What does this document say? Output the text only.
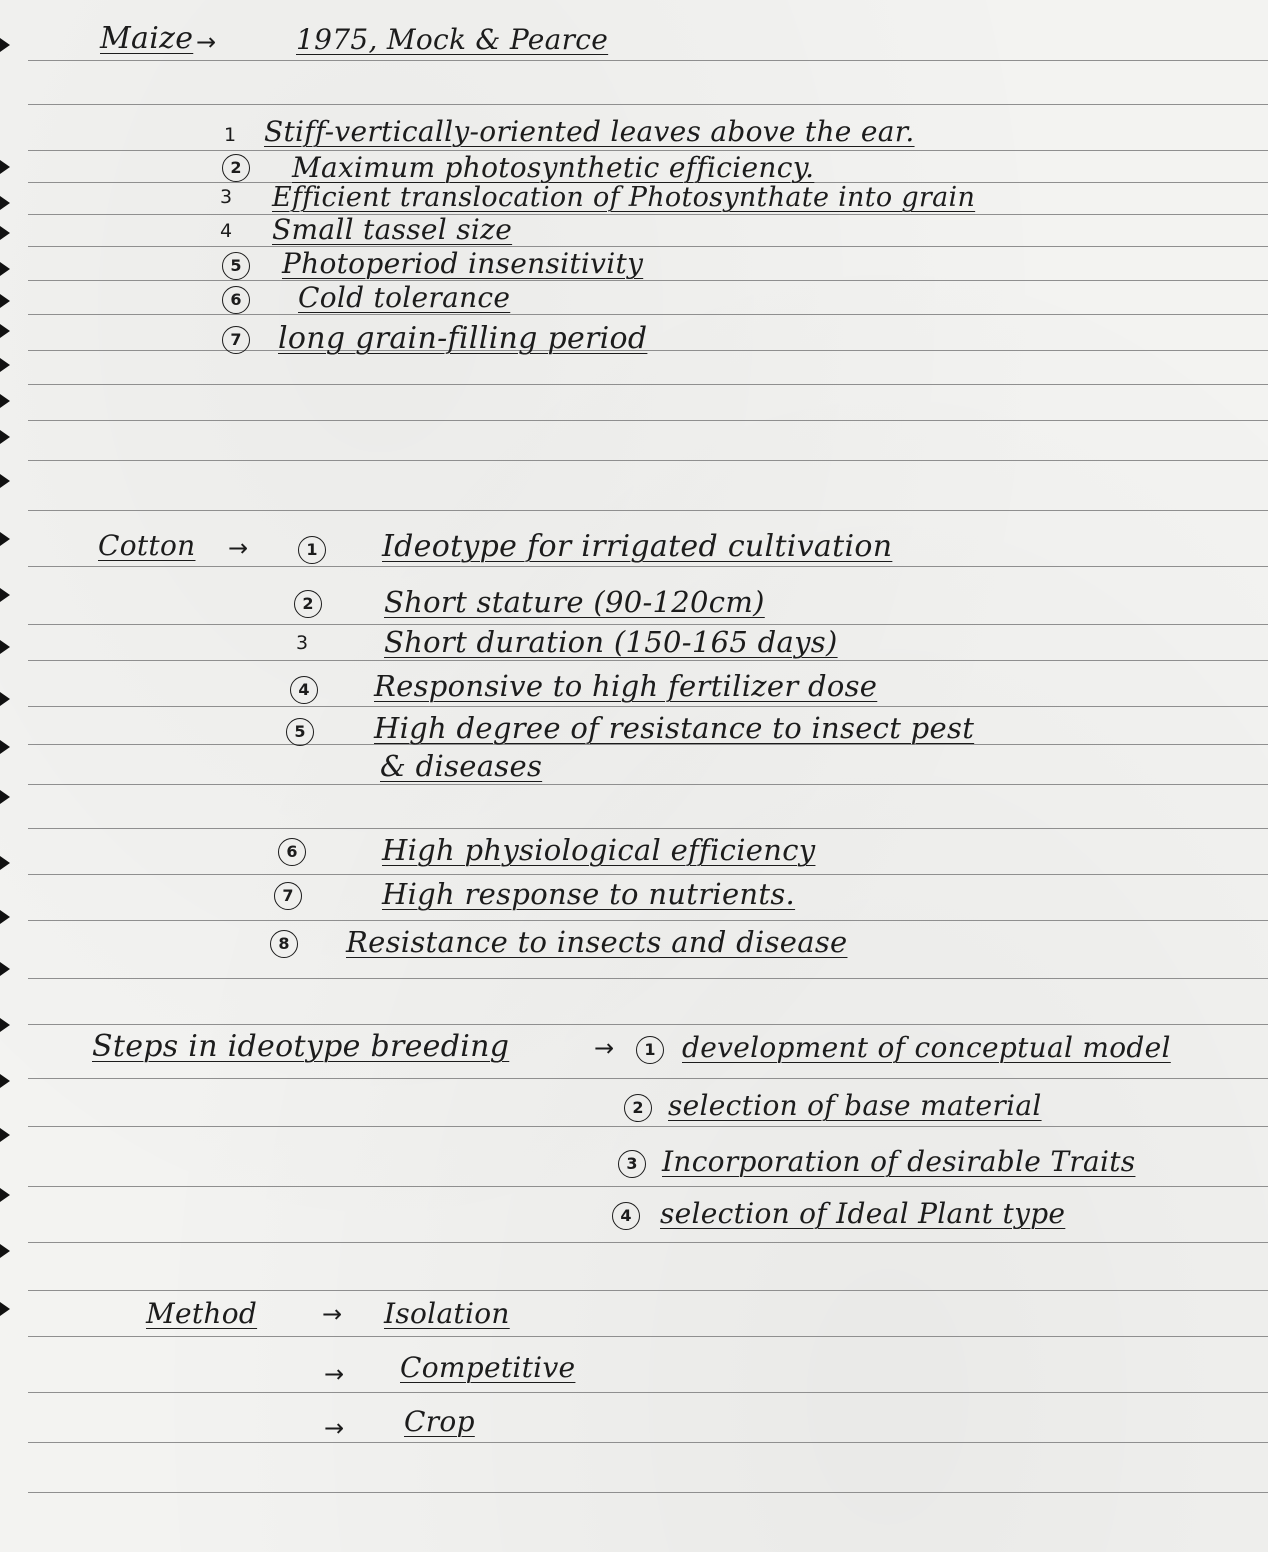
Maize →	1975, Mock & Pearce
1 Stiff-vertically-oriented leaves above the ear.
2	Maximum photosynthetic efficiency.
3 Efficient translocation of Photosynthate into grain
4 Small tassel size
5	Photoperiod insensitivity
6	Cold tolerance
7 long grain-filling period
Cotton →	1 Ideotype for irrigated cultivation
2 Short stature (90-120cm)
3	Short duration (150-165 days)
4 Responsive to high fertilizer dose
5 High degree of resistance to insect pest
& diseases
6	High physiological efficiency
7	High response to nutrients.
8 Resistance to insects and disease
Steps in ideotype breeding	→	1 development of conceptual model
2 selection of base material
3 Incorporation of desirable Traits
4	selection of Ideal Plant type
Method	→ Isolation
→ Competitive
→ Crop
